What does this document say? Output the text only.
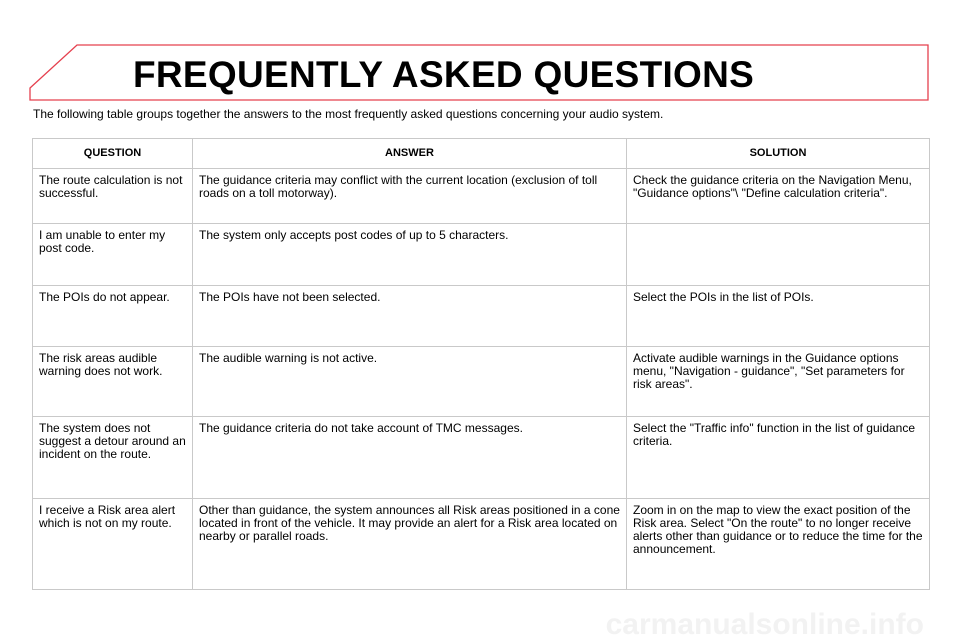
FREQUENTLY ASKED QUESTIONS
The following table groups together the answers to the most frequently asked questions concerning your audio system.
QUESTION	ANSWER	SOLUTION
The route calculation is not successful.	The guidance criteria may conflict with the current location (exclusion of toll roads on a toll motorway).	Check the guidance criteria on the Navigation Menu, "Guidance options"\ "Define calculation criteria".
I am unable to enter my post code.	The system only accepts post codes of up to 5 characters.	
The POIs do not appear.	The POIs have not been selected.	Select the POIs in the list of POIs.
The risk areas audible warning does not work.	The audible warning is not active.	Activate audible warnings in the Guidance options menu, "Navigation - guidance", "Set parameters for risk areas".
The system does not suggest a detour around an incident on the route.	The guidance criteria do not take account of TMC messages.	Select the "Traffic info" function in the list of guidance criteria.
I receive a Risk area alert which is not on my route.	Other than guidance, the system announces all Risk areas positioned in a cone located in front of the vehicle. It may provide an alert for a Risk area located on nearby or parallel roads.	Zoom in on the map to view the exact position of the Risk area. Select "On the route" to no longer receive alerts other than guidance or to reduce the time for the announcement.
carmanualsonline.info
